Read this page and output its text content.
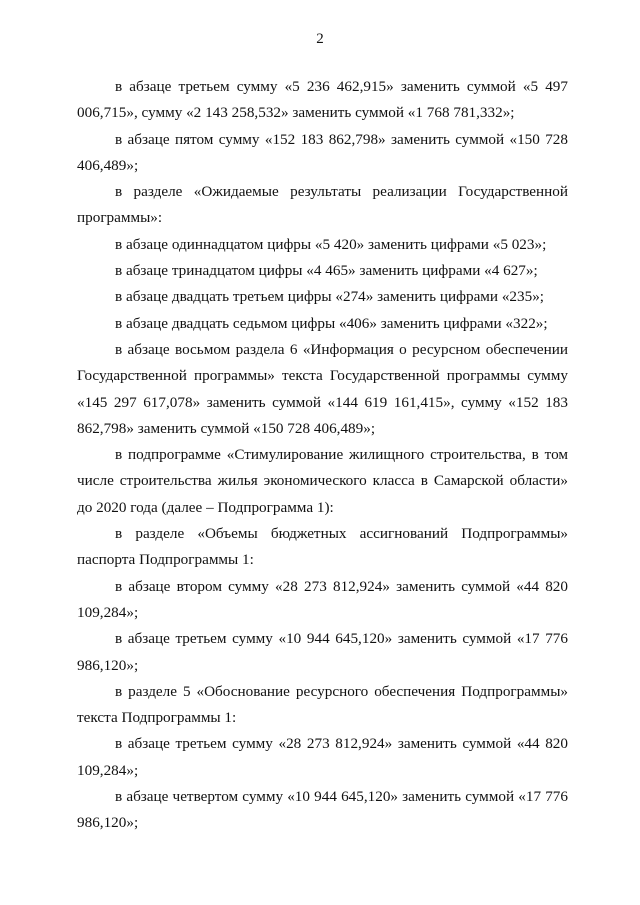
2

в абзаце третьем сумму «5 236 462,915» заменить суммой «5 497 006,715», сумму «2 143 258,532» заменить суммой «1 768 781,332»;

в абзаце пятом сумму «152 183 862,798» заменить суммой «150 728 406,489»;

в разделе «Ожидаемые результаты реализации Государственной программы»:

в абзаце одиннадцатом цифры «5 420» заменить цифрами «5 023»;

в абзаце тринадцатом цифры «4 465» заменить цифрами «4 627»;

в абзаце двадцать третьем цифры «274» заменить цифрами «235»;

в абзаце двадцать седьмом цифры «406» заменить цифрами «322»;

в абзаце восьмом раздела 6 «Информация о ресурсном обеспечении Государственной программы» текста Государственной программы сумму «145 297 617,078» заменить суммой «144 619 161,415», сумму «152 183 862,798» заменить суммой «150 728 406,489»;

в подпрограмме «Стимулирование жилищного строительства, в том числе строительства жилья экономического класса в Самарской области» до 2020 года (далее – Подпрограмма 1):

в разделе «Объемы бюджетных ассигнований Подпрограммы» паспорта Подпрограммы 1:

в абзаце втором сумму «28 273 812,924» заменить суммой «44 820 109,284»;

в абзаце третьем сумму «10 944 645,120» заменить суммой «17 776 986,120»;

в разделе 5 «Обоснование ресурсного обеспечения Подпрограммы» текста Подпрограммы 1:

в абзаце третьем сумму «28 273 812,924» заменить суммой «44 820 109,284»;

в абзаце четвертом сумму «10 944 645,120» заменить суммой «17 776 986,120»;
